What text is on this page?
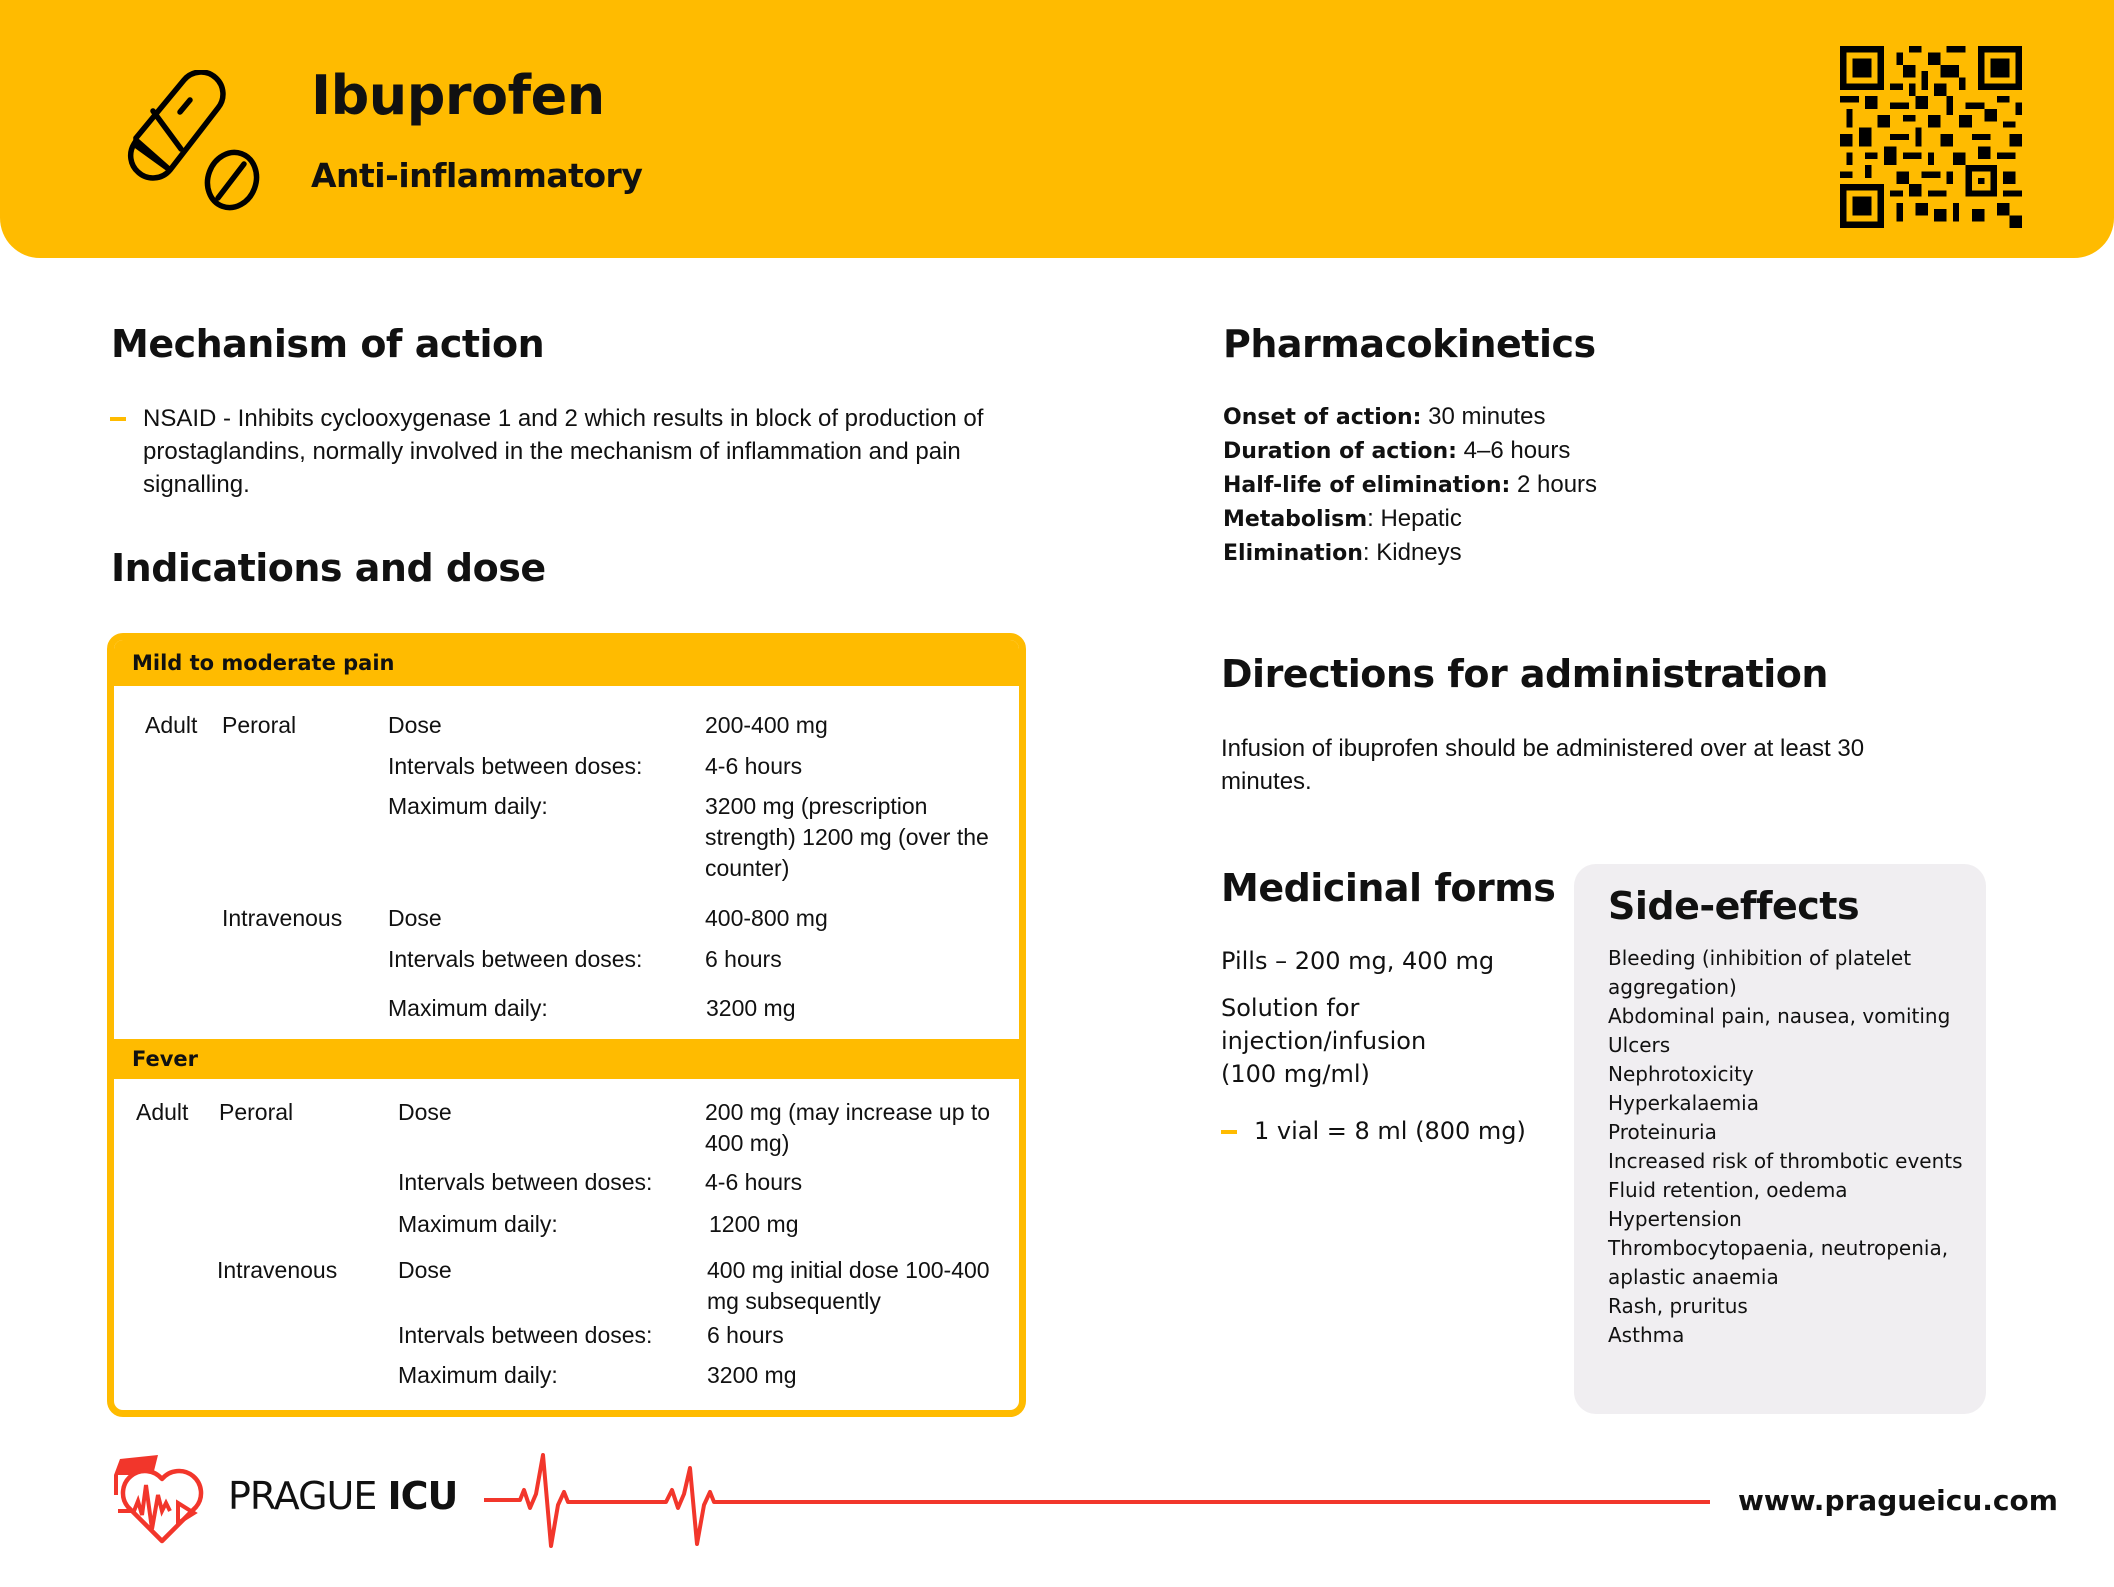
Ibuprofen
Anti-inflammatory
Mechanism of action
NSAID - Inhibits cyclooxygenase 1 and 2 which results in block of production of prostaglandins, normally involved in the mechanism of inflammation and pain signalling.
Indications and dose
Mild to moderate pain
Adult Peroral	Dose	200-400 mg
Intervals between doses:	4-6 hours
Maximum daily:	3200 mg (prescription strength) 1200 mg (over the counter)
Intravenous Dose	400-800 mg
Intervals between doses:	6 hours
Maximum daily:	3200 mg
Fever
Adult Peroral	Dose	200 mg (may increase up to 400 mg)
Intervals between doses: 4-6 hours
Maximum daily:	1200 mg
Intravenous	Dose	400 mg initial dose 100-400 mg subsequently
Intervals between doses: 6 hours
Maximum daily:	3200 mg
Pharmacokinetics
Onset of action: 30 minutes
Duration of action: 4–6 hours
Half-life of elimination: 2 hours
Metabolism: Hepatic
Elimination: Kidneys
Directions for administration
Infusion of ibuprofen should be administered over at least 30 minutes.
Medicinal forms

Pills – 200 mg, 400 mg

Solution for injection/infusion (100 mg/ml)

1 vial = 8 ml (800 mg)
Side-effects
Bleeding (inhibition of platelet aggregation)
Abdominal pain, nausea, vomiting
Ulcers
Nephrotoxicity
Hyperkalaemia
Proteinuria
Increased risk of thrombotic events
Fluid retention, oedema
Hypertension
Thrombocytopaenia, neutropenia, aplastic anaemia
Rash, pruritus
Asthma
PRAGUE ICU	www.pragueicu.com
